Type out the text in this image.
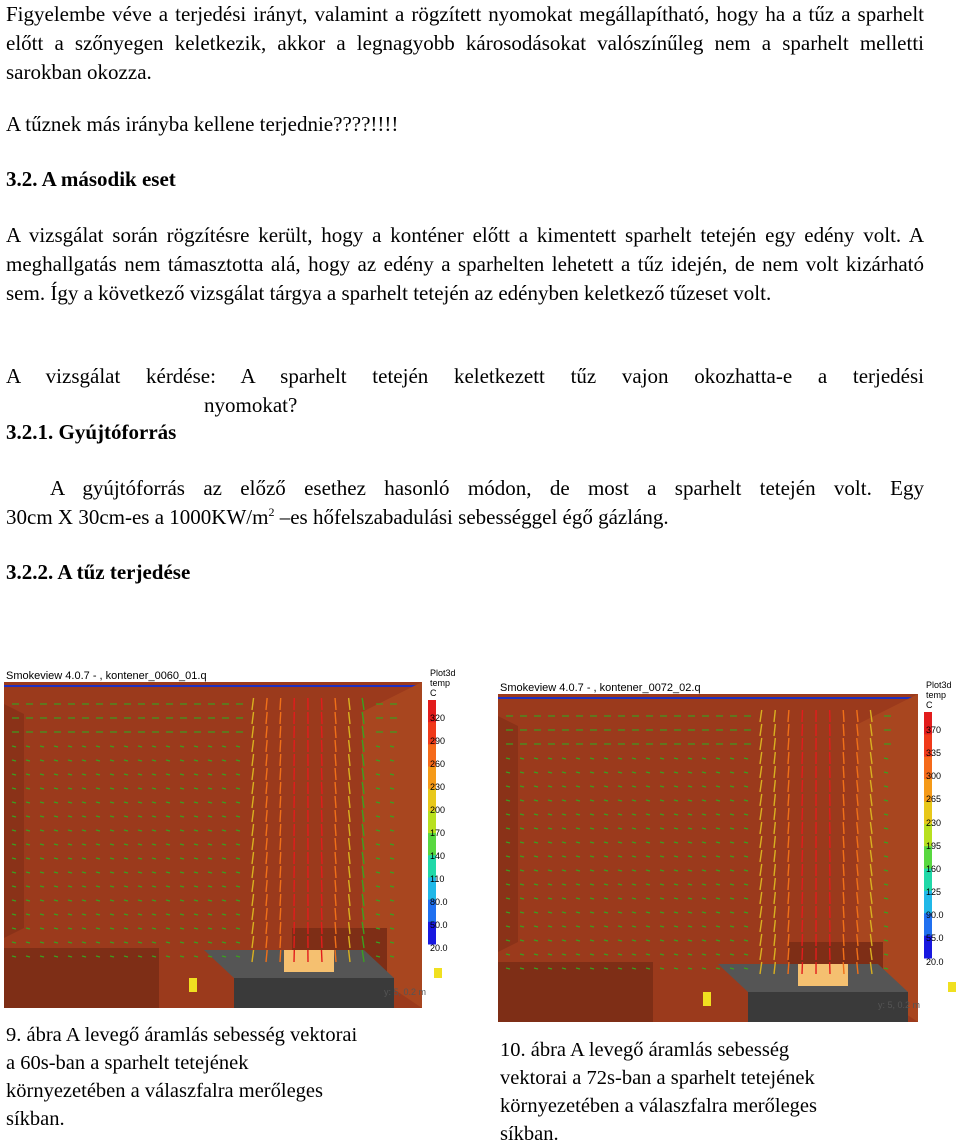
Figyelembe véve a terjedési irányt, valamint a rögzített nyomokat megállapítható, hogy ha a tűz a sparhelt előtt a szőnyegen keletkezik, akkor a legnagyobb károsodásokat valószínűleg nem a sparhelt melletti sarokban okozza.

A tűznek más irányba kellene terjednie????!!!!

3.2. A második eset

A vizsgálat során rögzítésre került, hogy a konténer előtt a kimentett sparhelt tetején egy edény volt. A meghallgatás nem támasztotta alá, hogy az edény a sparhelten lehetett a tűz idején, de nem volt kizárható sem. Így a következő vizsgálat tárgya a sparhelt tetején az edényben keletkező tűzeset volt.

A vizsgálat kérdése: A sparhelt tetején keletkezett tűz vajon okozhatta-e a terjedési

nyomokat?

3.2.1. Gyújtóforrás

A gyújtóforrás az előző esethez hasonló módon, de most a sparhelt tetején volt. Egy

30cm X 30cm-es a $1000KW/m^2$ –es hőfelszabadulási sebességgel égő gázláng.

3.2.2. A tűz terjedése

Smokeview 4.0.7 - , kontener_0060_01.q	Plot3d
temp
C
320
290
260
230
200
170
140
110
80.0
50.0
20.0
y: 5, 0.2 m
Smokeview 4.0.7 - , kontener_0072_02.q	Plot3d
temp
C
370
335
300
265
230
195
160
125
90.0
55.0
20.0
y: 5, 0.2 m
9. ábra A levegő áramlás sebesség vektorai
a 60s-ban a sparhelt tetejének
környezetében a válaszfalra merőleges
síkban.
10. ábra A levegő áramlás sebesség
vektorai a 72s-ban a sparhelt tetejének
környezetében a válaszfalra merőleges
síkban.
